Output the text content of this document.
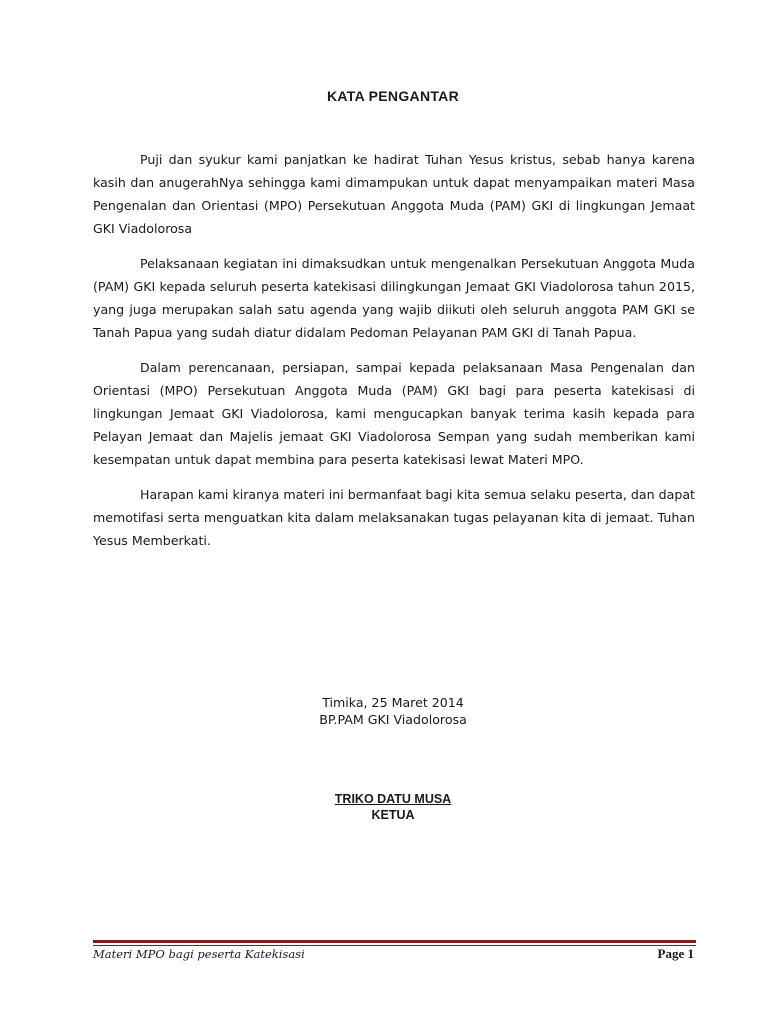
KATA PENGANTAR

Puji dan syukur kami panjatkan ke hadirat Tuhan Yesus kristus, sebab hanya karena kasih dan anugerahNya sehingga kami dimampukan untuk dapat menyampaikan materi Masa Pengenalan dan Orientasi (MPO) Persekutuan Anggota Muda (PAM) GKI di lingkungan Jemaat GKI Viadolorosa

Pelaksanaan kegiatan ini dimaksudkan untuk mengenalkan Persekutuan Anggota Muda (PAM) GKI kepada seluruh peserta katekisasi dilingkungan Jemaat GKI Viadolorosa tahun 2015, yang juga merupakan salah satu agenda yang wajib diikuti oleh seluruh anggota PAM GKI se Tanah Papua yang sudah diatur didalam Pedoman Pelayanan PAM GKI di Tanah Papua.

Dalam perencanaan, persiapan, sampai kepada pelaksanaan Masa Pengenalan dan Orientasi (MPO) Persekutuan Anggota Muda (PAM) GKI bagi para peserta katekisasi di lingkungan Jemaat GKI Viadolorosa, kami mengucapkan banyak terima kasih kepada para Pelayan Jemaat dan Majelis jemaat GKI Viadolorosa Sempan yang sudah memberikan kami kesempatan untuk dapat membina para peserta katekisasi lewat Materi MPO.

Harapan kami kiranya materi ini bermanfaat bagi kita semua selaku peserta, dan dapat memotifasi serta menguatkan kita dalam melaksanakan tugas pelayanan kita di jemaat. Tuhan Yesus Memberkati.

Timika, 25 Maret 2014
BP.PAM GKI Viadolorosa
TRIKO DATU MUSA
KETUA
Materi MPO bagi peserta Katekisasi	Page 1
